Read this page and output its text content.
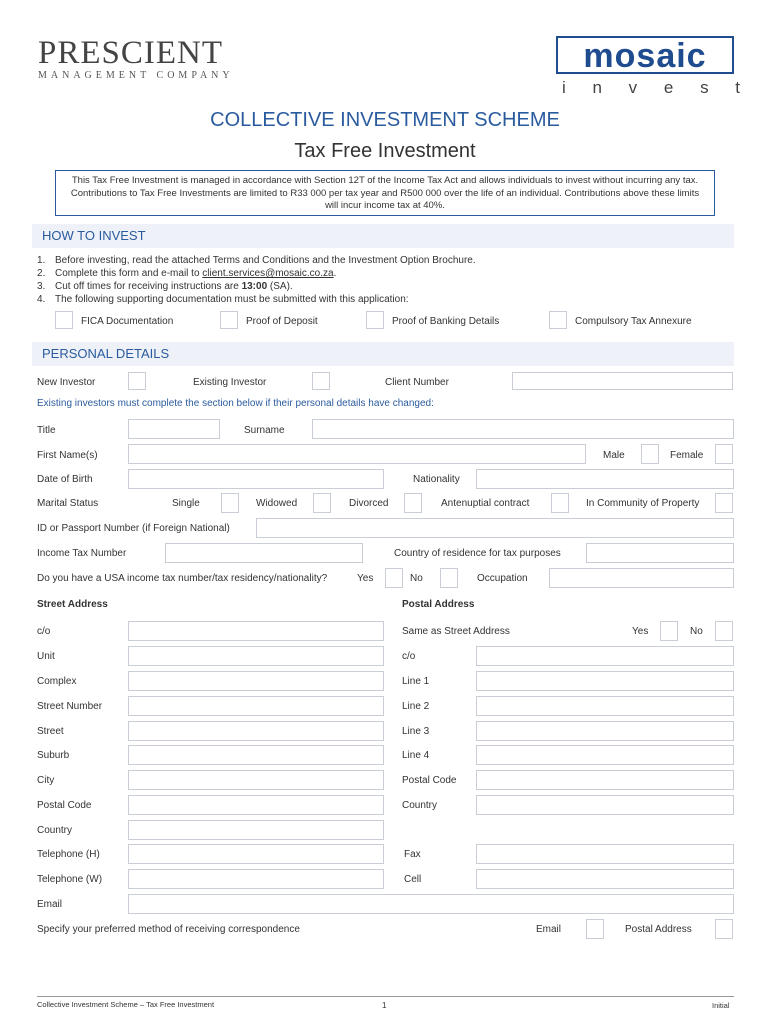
PRESCIENT
MANAGEMENT COMPANY
mosaic
i n v e s t
COLLECTIVE INVESTMENT SCHEME
Tax Free Investment
This Tax Free Investment is managed in accordance with Section 12T of the Income Tax Act and allows individuals to invest without incurring any tax. Contributions to Tax Free Investments are limited to R33 000 per tax year and R500 000 over the life of an individual. Contributions above these limits will incur income tax at 40%.
HOW TO INVEST
1. Before investing, read the attached Terms and Conditions and the Investment Option Brochure.
2. Complete this form and e-mail to client.services@mosaic.co.za.
3. Cut off times for receiving instructions are 13:00 (SA).
4. The following supporting documentation must be submitted with this application:
FICA Documentation	Proof of Deposit	Proof of Banking Details	Compulsory Tax Annexure
PERSONAL DETAILS
New Investor	Existing Investor	Client Number
Existing investors must complete the section below if their personal details have changed:
Title	Surname
First Name(s)	Male	Female
Date of Birth	Nationality
Marital Status	Single	Widowed	Divorced	Antenuptial contract	In Community of Property
ID or Passport Number (if Foreign National)
Income Tax Number	Country of residence for tax purposes
Do you have a USA income tax number/tax residency/nationality?	Yes	No	Occupation
Street Address	Postal Address
c/o	Same as Street Address	Yes	No
Unit	c/o
Complex	Line 1
Street Number	Line 2
Street	Line 3
Suburb	Line 4
City	Postal Code
Postal Code	Country
Country
Telephone (H)	Fax
Telephone (W)	Cell
Email
Specify your preferred method of receiving correspondence	Email	Postal Address
Collective Investment Scheme – Tax Free Investment	1	Initial
